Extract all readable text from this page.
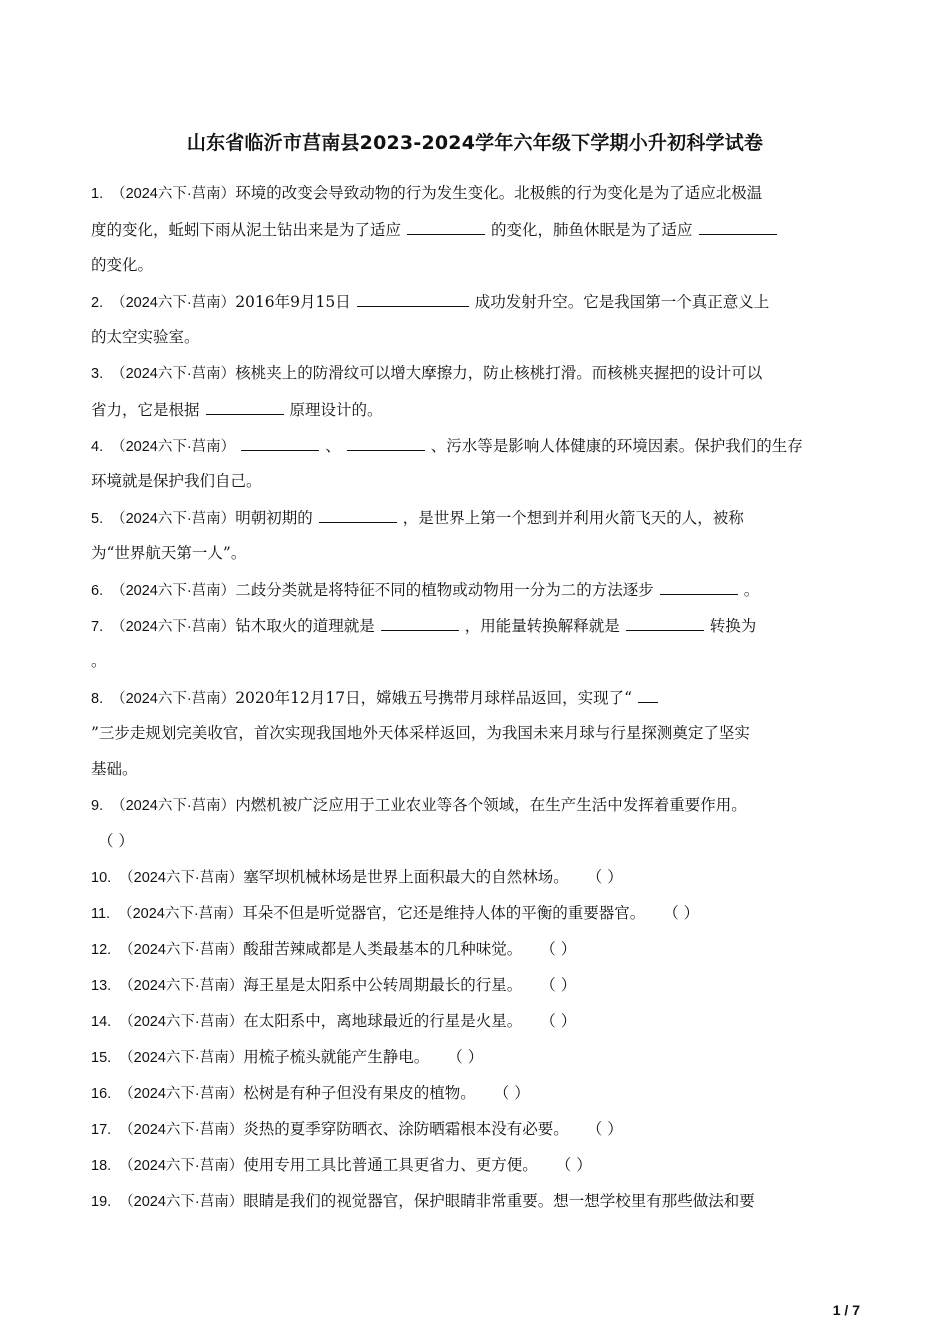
山东省临沂市莒南县2023-2024学年六年级下学期小升初科学试卷
1. （2024六下·莒南）环境的改变会导致动物的行为发生变化。北极熊的行为变化是为了适应北极温
度的变化，蚯蚓下雨从泥土钻出来是为了适应	的变化，肺鱼休眠是为了适应
的变化。
2. （2024六下·莒南）2016年9月15日	成功发射升空。它是我国第一个真正意义上
的太空实验室。
3. （2024六下·莒南）核桃夹上的防滑纹可以增大摩擦力，防止核桃打滑。而核桃夹握把的设计可以
省力，它是根据	原理设计的。
4. （2024六下·莒南）	、	、污水等是影响人体健康的环境因素。保护我们的生存
环境就是保护我们自己。
5. （2024六下·莒南）明朝初期的	，是世界上第一个想到并利用火箭飞天的人，被称
为“世界航天第一人”。
6. （2024六下·莒南）二歧分类就是将特征不同的植物或动物用一分为二的方法逐步	。
7. （2024六下·莒南）钻木取火的道理就是	，用能量转换解释就是	转换为
。
8. （2024六下·莒南）2020年12月17日，嫦娥五号携带月球样品返回，实现了“
”三步走规划完美收官，首次实现我国地外天体采样返回，为我国未来月球与行星探测奠定了坚实
基础。
9. （2024六下·莒南）内燃机被广泛应用于工业农业等各个领域，在生产生活中发挥着重要作用。
（ ）
10. （2024六下·莒南）塞罕坝机械林场是世界上面积最大的自然林场。 （ ）
11. （2024六下·莒南）耳朵不但是听觉器官，它还是维持人体的平衡的重要器官。 （ ）
12. （2024六下·莒南）酸甜苦辣咸都是人类最基本的几种味觉。 （ ）
13. （2024六下·莒南）海王星是太阳系中公转周期最长的行星。 （ ）
14. （2024六下·莒南）在太阳系中，离地球最近的行星是火星。 （ ）
15. （2024六下·莒南）用梳子梳头就能产生静电。 （ ）
16. （2024六下·莒南）松树是有种子但没有果皮的植物。 （ ）
17. （2024六下·莒南）炎热的夏季穿防晒衣、涂防晒霜根本没有必要。 （ ）
18. （2024六下·莒南）使用专用工具比普通工具更省力、更方便。 （ ）
19. （2024六下·莒南）眼睛是我们的视觉器官，保护眼睛非常重要。想一想学校里有那些做法和要
1 / 7
